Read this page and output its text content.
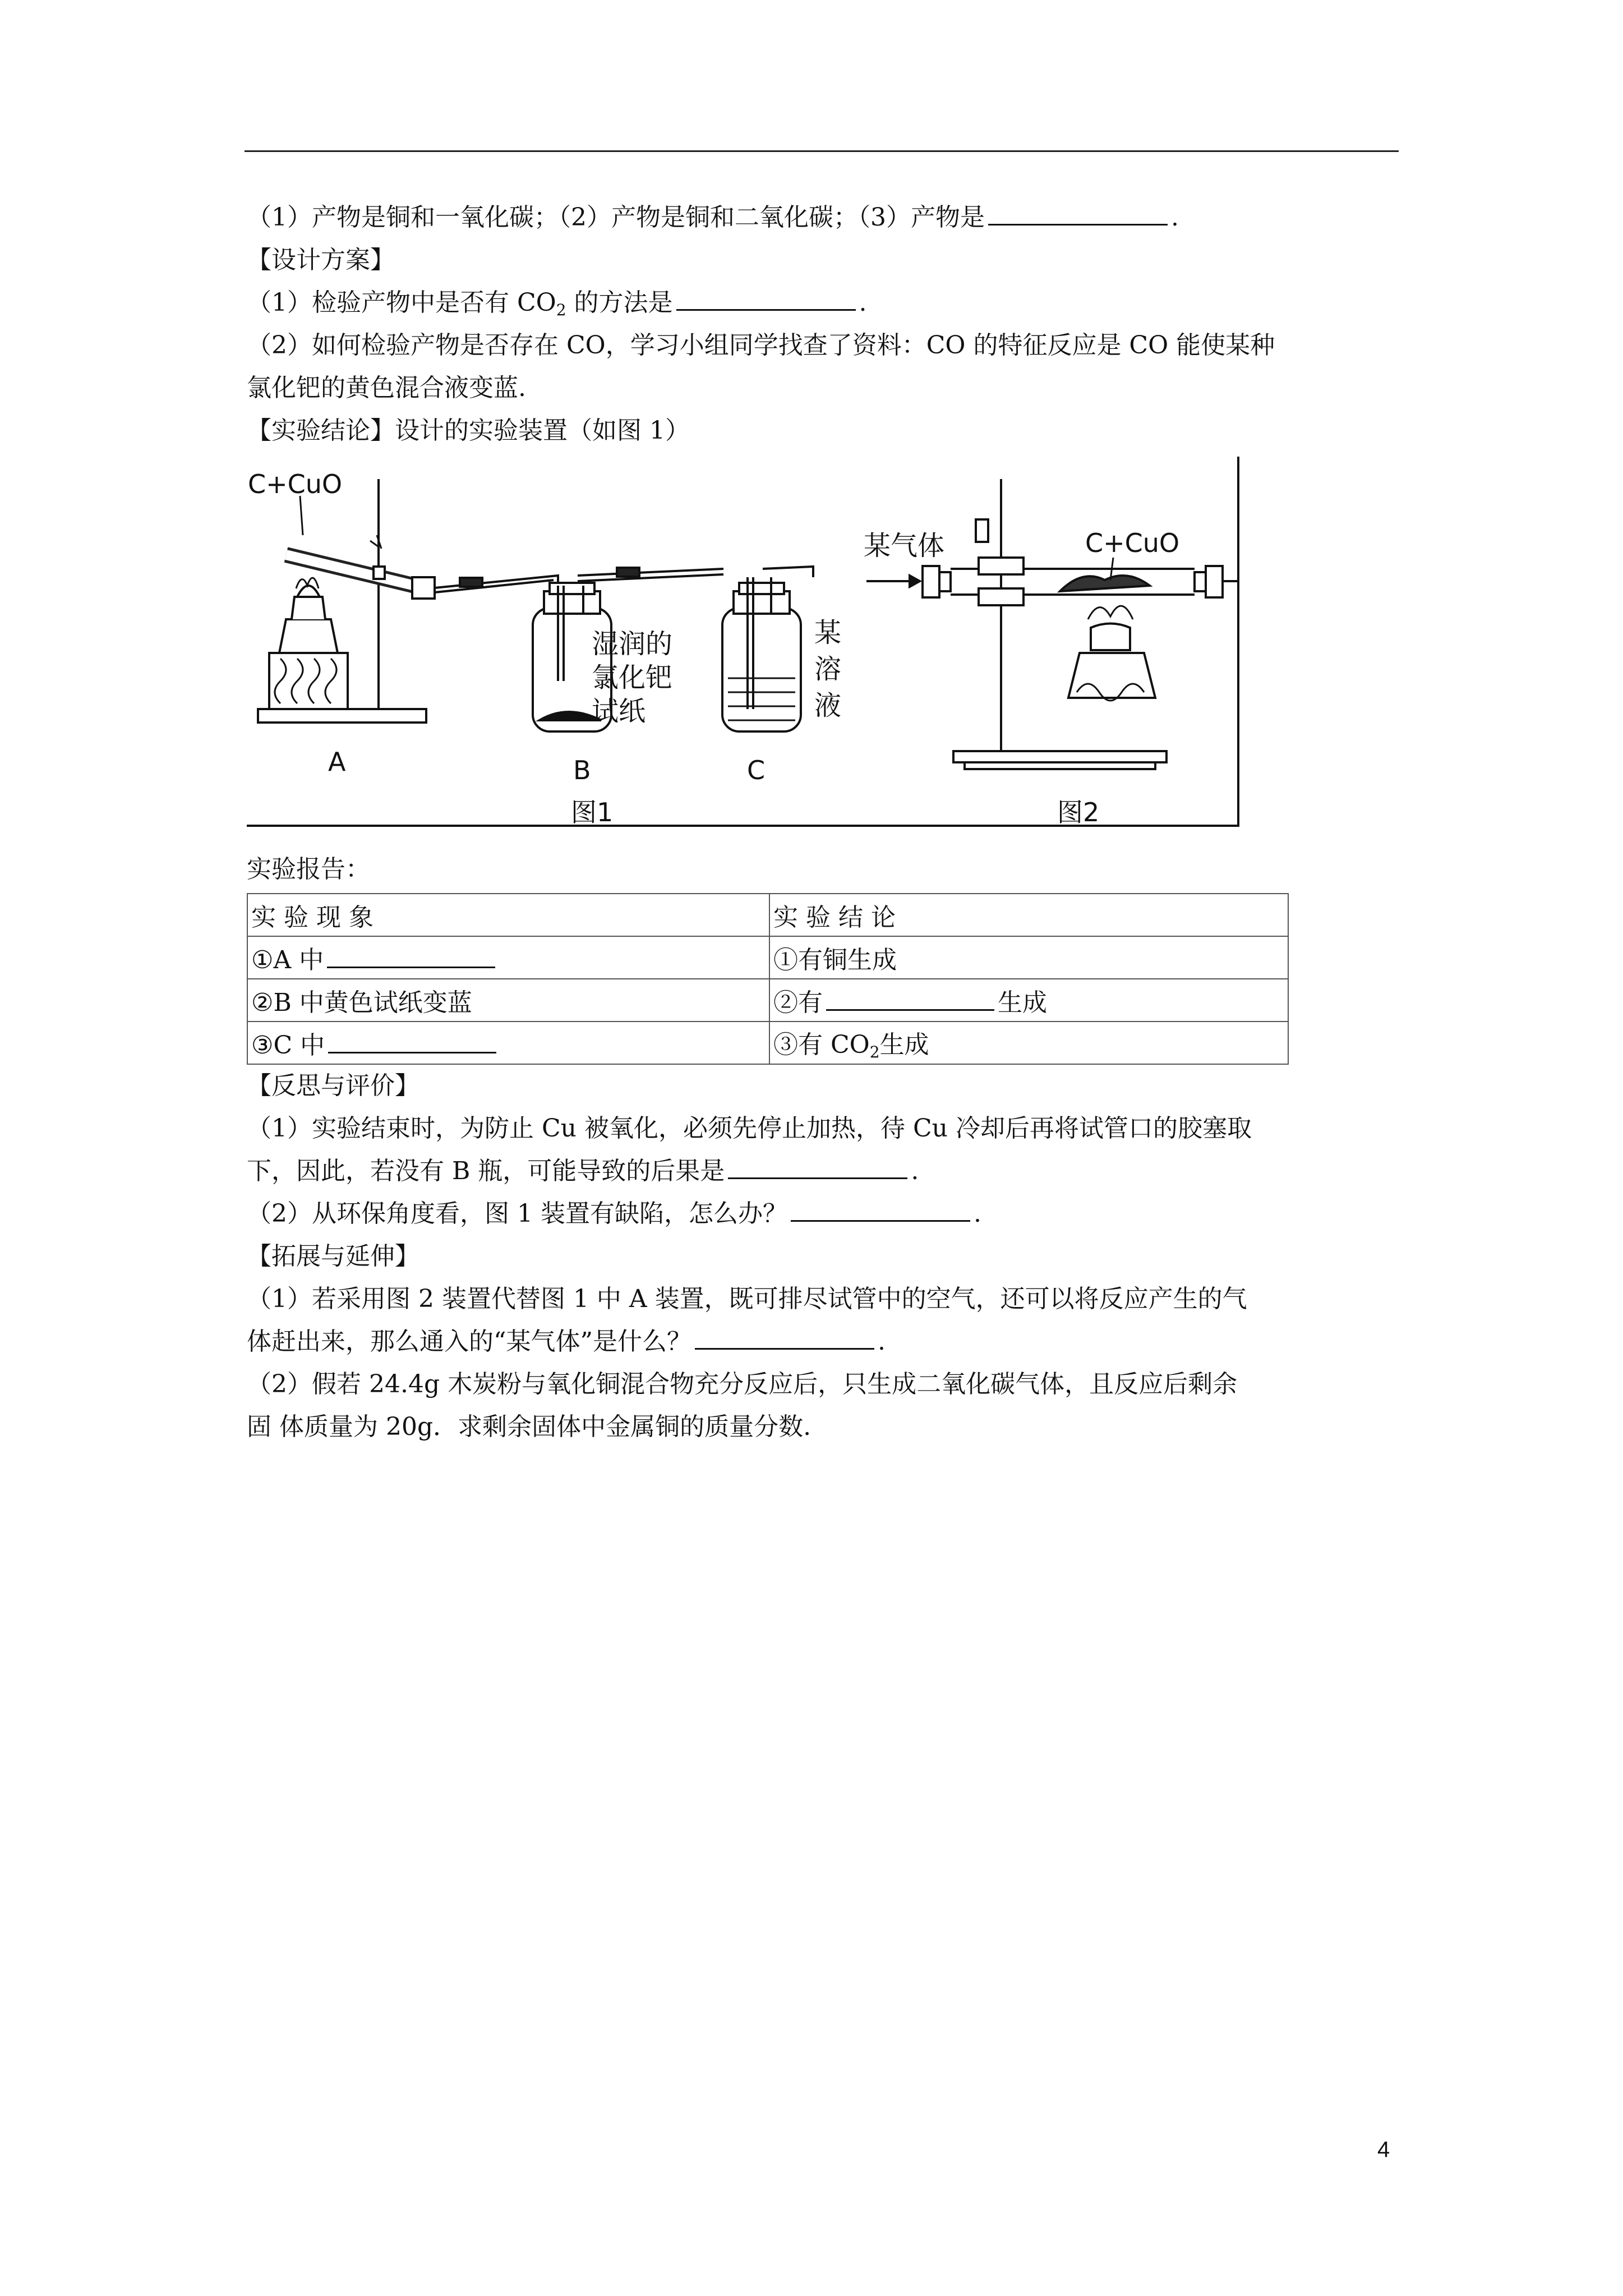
（1）产物是铜和一氧化碳；（2）产物是铜和二氧化碳；（3）产物是	.
【设计方案】
（1）检验产物中是否有 $CO_2$ 的方法是	.
（2）如何检验产物是否存在 CO，学习小组同学找查了资料：CO 的特征反应是 CO 能使某种
氯化钯的黄色混合液变蓝.
【实验结论】设计的实验装置（如图 1）
C+CuO
A	B
湿润的
氯化钯
试纸
C
某
溶
液
图1
某气体	C+CuO
图2
实验报告：
实 验 现 象	实 验 结 论
①A 中	①有铜生成
②B 中黄色试纸变蓝	②有 生成
③C 中	③有 $CO_2$生成
【反思与评价】
（1）实验结束时，为防止 Cu 被氧化，必须先停止加热，待 Cu 冷却后再将试管口的胶塞取
下，因此，若没有 B 瓶，可能导致的后果是	.
（2）从环保角度看，图 1 装置有缺陷，怎么办？	.
【拓展与延伸】
（1）若采用图 2 装置代替图 1 中 A 装置，既可排尽试管中的空气，还可以将反应产生的气
体赶出来，那么通入的“某气体”是什么？	.
（2）假若 24.4g 木炭粉与氧化铜混合物充分反应后，只生成二氧化碳气体，且反应后剩余
固 体质量为 20g．求剩余固体中金属铜的质量分数.
4
